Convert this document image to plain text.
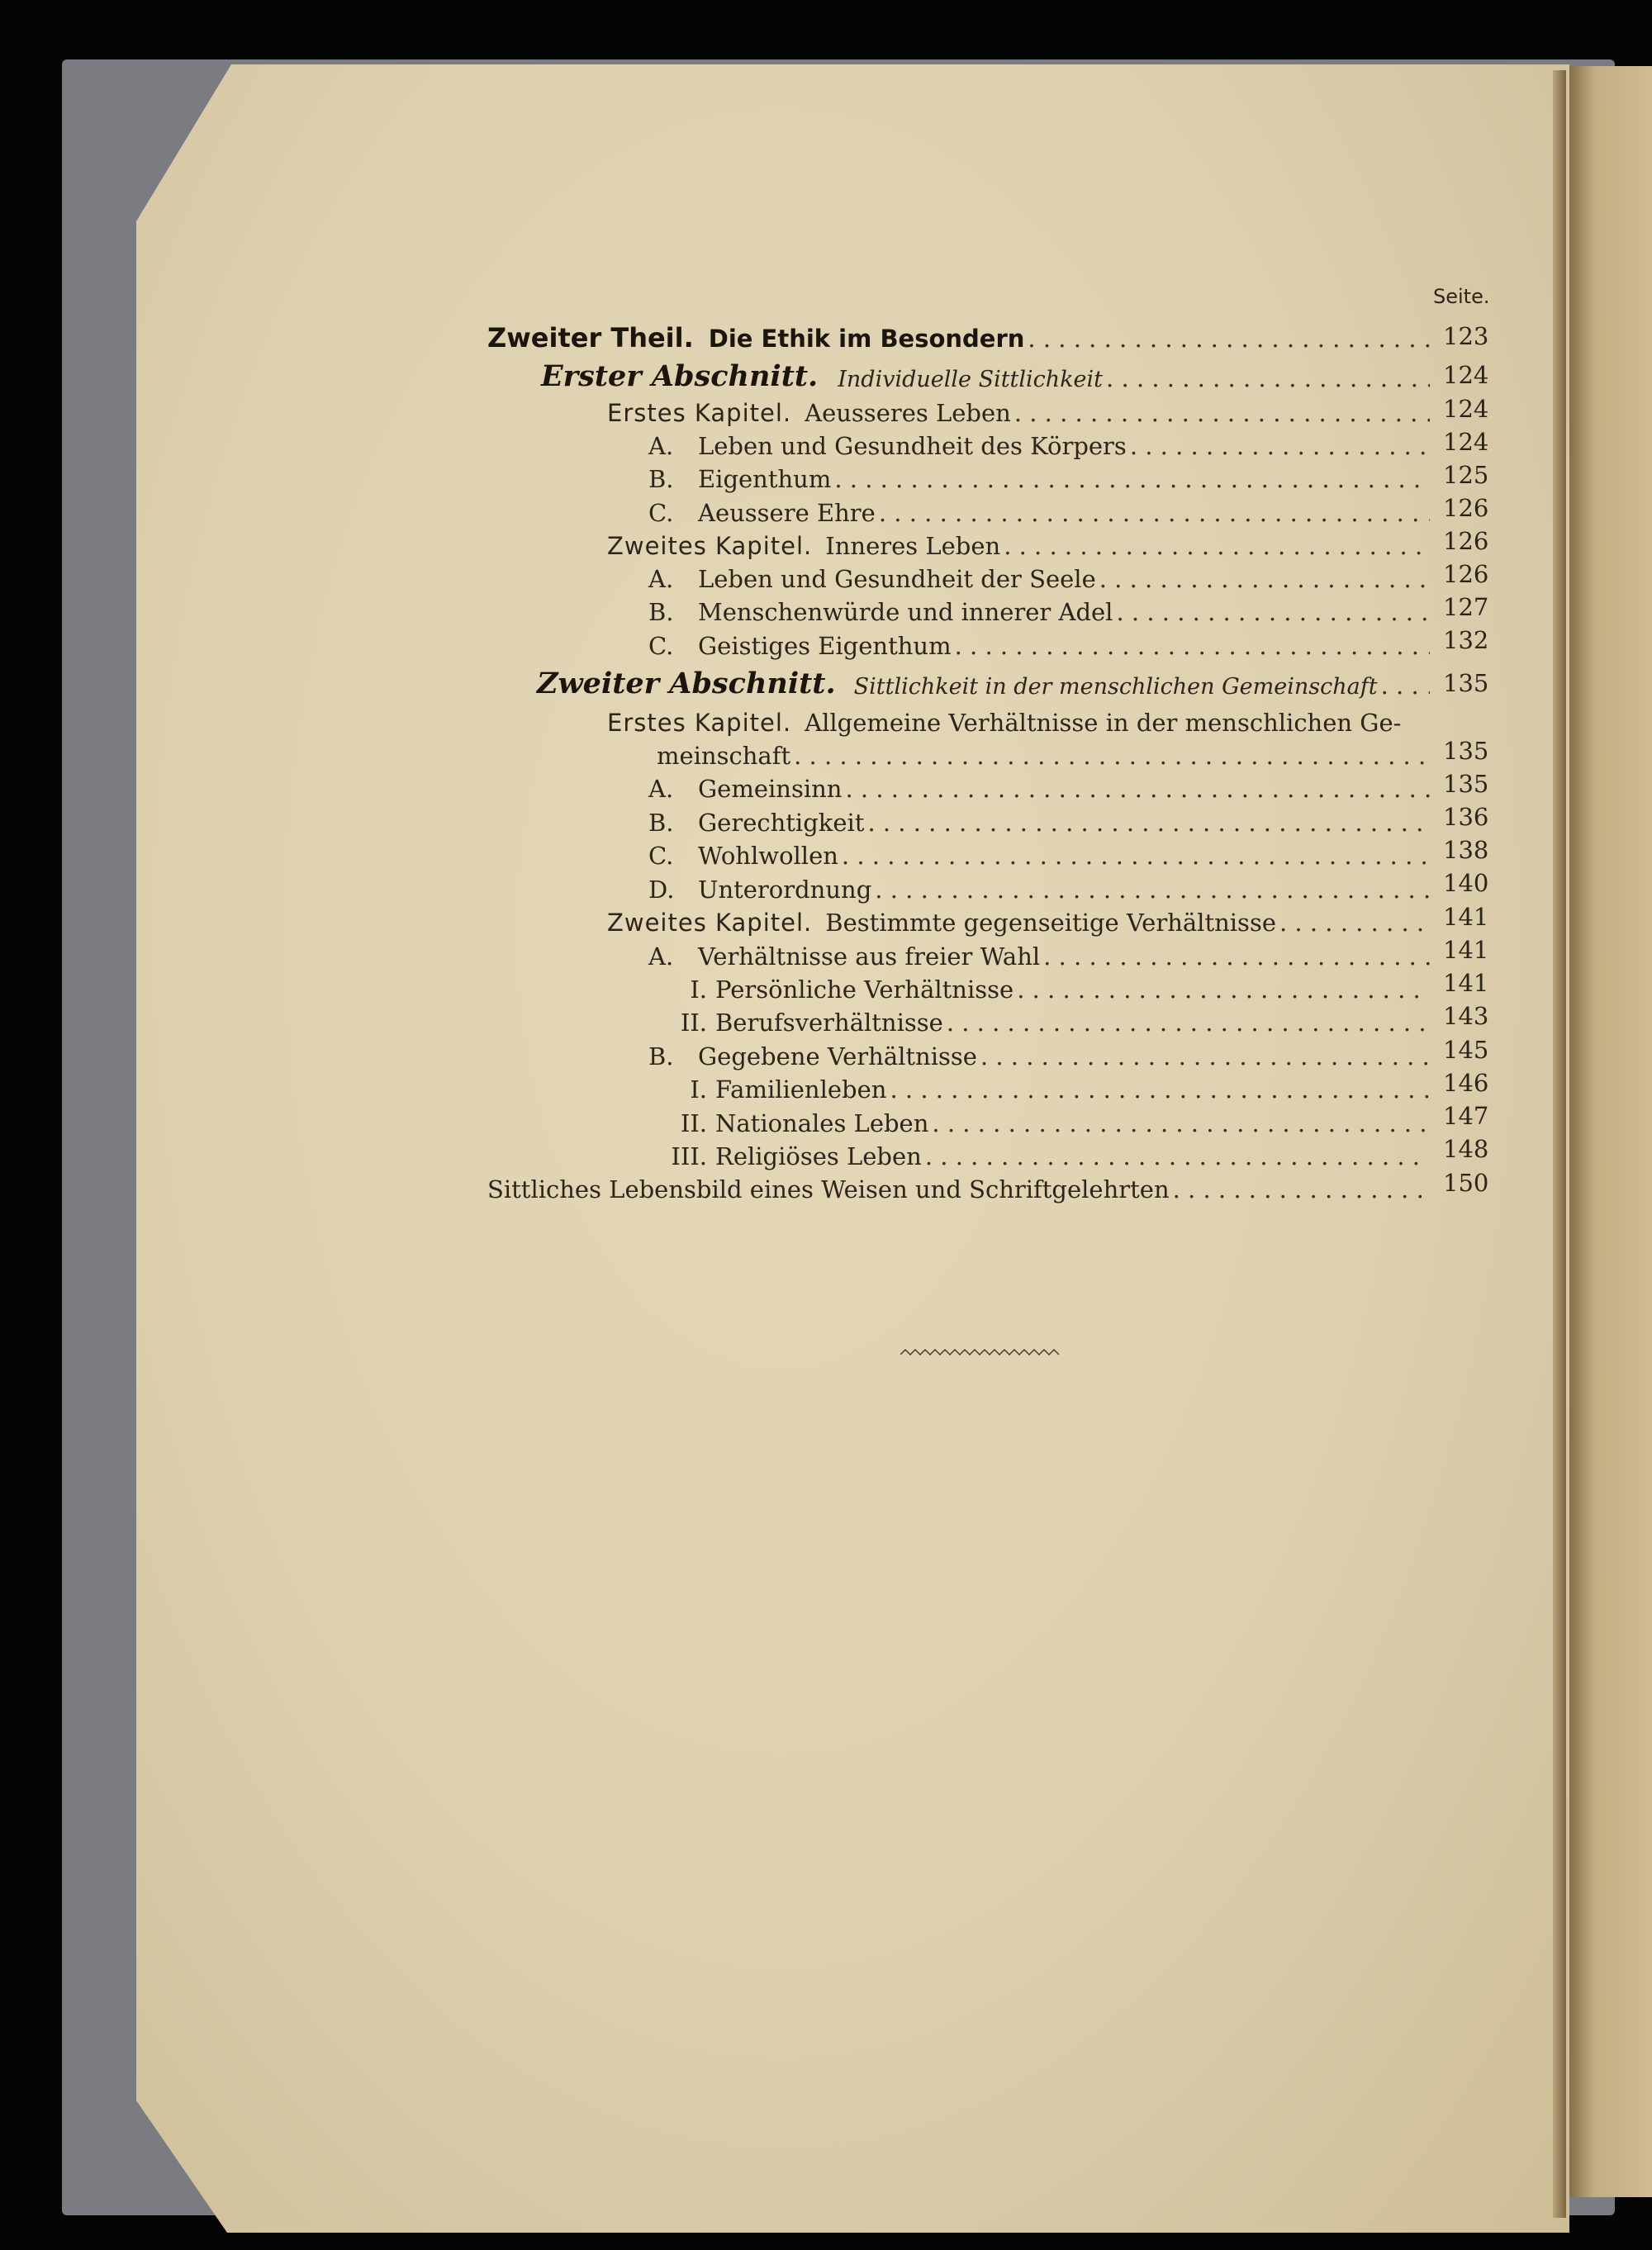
Seite.
Zweiter Theil. Die Ethik im Besondern . .	123
Erster Abschnitt. Individuelle Sittlichkeit . .	124
Erstes Kapitel. Aeusseres Leben . .	124
A.	Leben und Gesundheit des Körpers . .	124
B.	Eigenthum . .	125
C.	Aeussere Ehre . .	126
Zweites Kapitel. Inneres Leben . .	126
A.	Leben und Gesundheit der Seele . .	126
B.	Menschenwürde und innerer Adel . .	127
C.	Geistiges Eigenthum . .	132
Zweiter Abschnitt. Sittlichkeit in der menschlichen Gemeinschaft . .	135
Erstes Kapitel. Allgemeine Verhältnisse in der menschlichen Ge-
meinschaft . .	135
A.	Gemeinsinn . .	135
B.	Gerechtigkeit . .	136
C.	Wohlwollen . .	138
D. Unterordnung . .	140
Zweites Kapitel. Bestimmte gegenseitige Verhältnisse . .	141
A.	Verhältnisse aus freier Wahl . .	141
I. Persönliche Verhältnisse . .	141
II. Berufsverhältnisse . .	143
B.	Gegebene Verhältnisse . .	145
I. Familienleben . .	146
II. Nationales Leben . .	147
III. Religiöses Leben . .	148
Sittliches Lebensbild eines Weisen und Schriftgelehrten . .	150
